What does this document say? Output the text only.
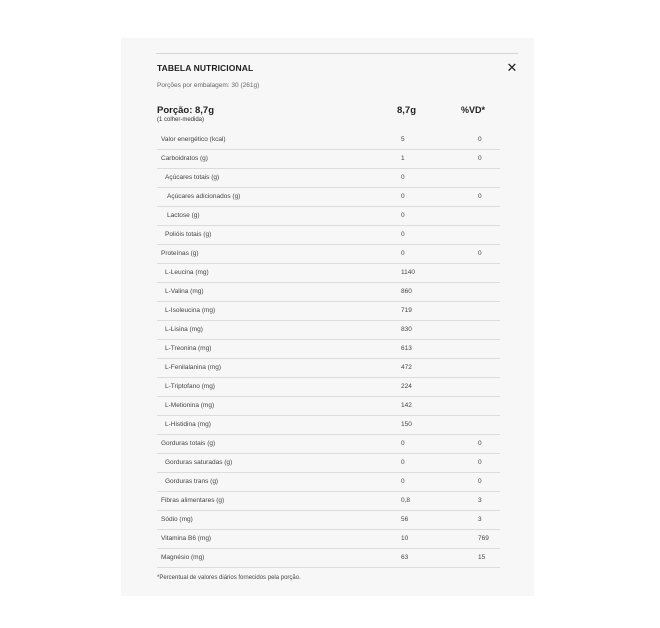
TABELA NUTRICIONAL	✕
Porções por embalagem: 30 (261g)
Porção: 8,7g
(1 colher-medida)
8,7g	%VD*
Valor energético (kcal)	5	0
Carboidratos (g)	1	0
Açúcares totais (g)	0
Açúcares adicionados (g)	0	0
Lactose (g)	0
Polióis totais (g)	0
Proteínas (g)	0	0
L-Leucina (mg)	1140
L-Valina (mg)	860
L-Isoleucina (mg)	719
L-Lisina (mg)	830
L-Treonina (mg)	613
L-Fenilalanina (mg)	472
L-Triptofano (mg)	224
L-Metionina (mg)	142
L-Histidina (mg)	150
Gorduras totais (g)	0	0
Gorduras saturadas (g)	0	0
Gorduras trans (g)	0	0
Fibras alimentares (g)	0,8	3
Sódio (mg)	56	3
Vitamina B6 (mg)	10	769
Magnésio (mg)	63	15
*Percentual de valores diários fornecidos pela porção.
